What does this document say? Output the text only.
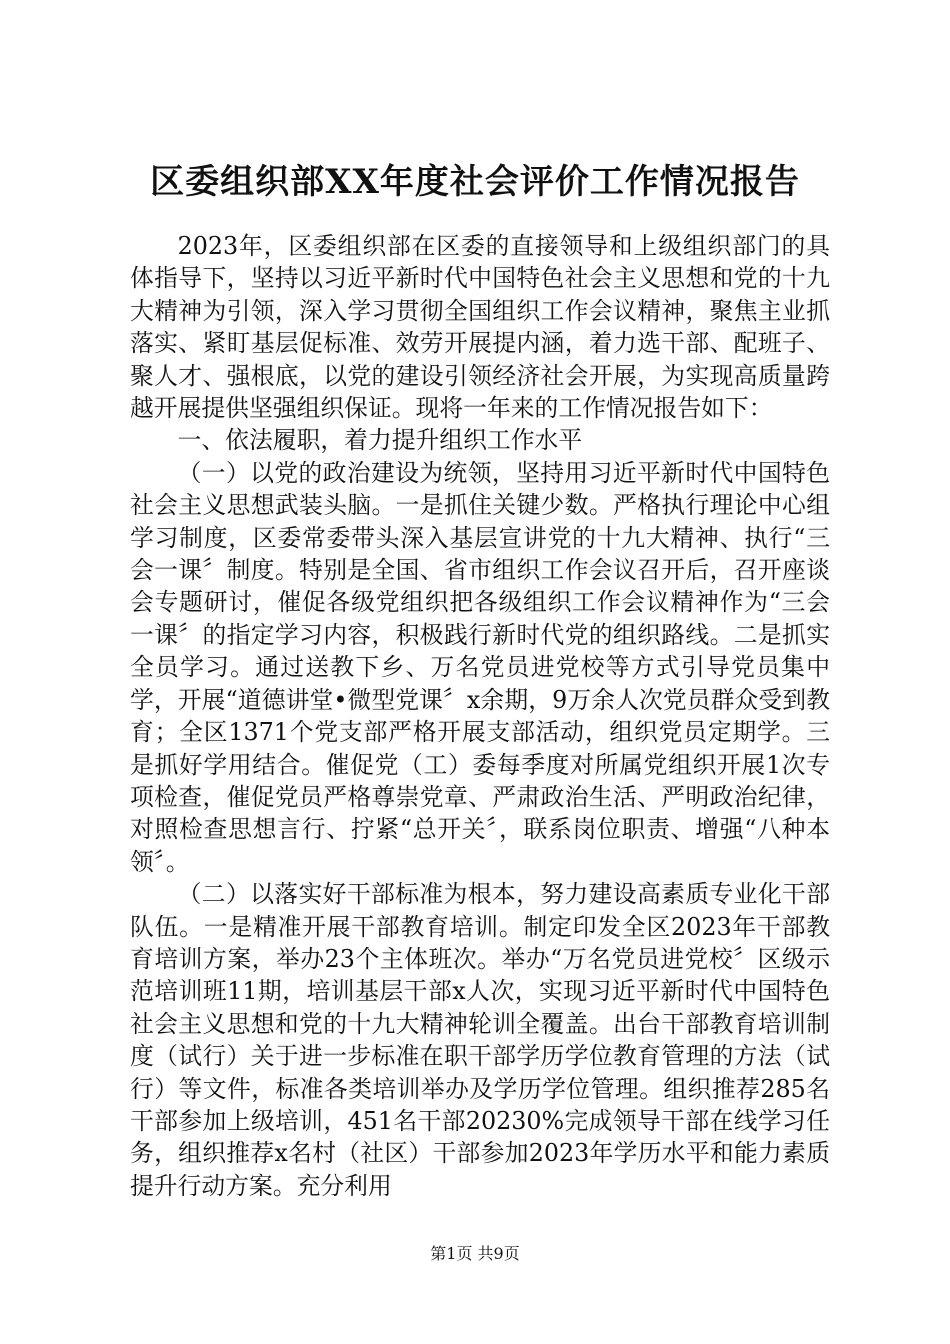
区委组织部XX年度社会评价工作情况报告

2023年，区委组织部在区委的直接领导和上级组织部门的具体指导下，坚持以习近平新时代中国特色社会主义思想和党的十九大精神为引领，深入学习贯彻全国组织工作会议精神，聚焦主业抓落实、紧盯基层促标准、效劳开展提内涵，着力选干部、配班子、聚人才、强根底，以党的建设引领经济社会开展，为实现高质量跨越开展提供坚强组织保证。现将一年来的工作情况报告如下：

一、依法履职，着力提升组织工作水平

（一）以党的政治建设为统领，坚持用习近平新时代中国特色社会主义思想武装头脑。一是抓住关键少数。严格执行理论中心组学习制度，区委常委带头深入基层宣讲党的十九大精神、执行“三会一课〞制度。特别是全国、省市组织工作会议召开后，召开座谈会专题研讨，催促各级党组织把各级组织工作会议精神作为“三会一课〞的指定学习内容，积极践行新时代党的组织路线。二是抓实全员学习。通过送教下乡、万名党员进党校等方式引导党员集中学，开展“道德讲堂•微型党课〞x余期，9万余人次党员群众受到教育；全区1371个党支部严格开展支部活动，组织党员定期学。三是抓好学用结合。催促党（工）委每季度对所属党组织开展1次专项检查，催促党员严格尊崇党章、严肃政治生活、严明政治纪律，对照检查思想言行、拧紧“总开关〞，联系岗位职责、增强“八种本领〞。

（二）以落实好干部标准为根本，努力建设高素质专业化干部队伍。一是精准开展干部教育培训。制定印发全区2023年干部教育培训方案，举办23个主体班次。举办“万名党员进党校〞区级示范培训班11期，培训基层干部x人次，实现习近平新时代中国特色社会主义思想和党的十九大精神轮训全覆盖。出台干部教育培训制度（试行）关于进一步标准在职干部学历学位教育管理的方法（试行）等文件，标准各类培训举办及学历学位管理。组织推荐285名干部参加上级培训，451名干部20230%完成领导干部在线学习任务，组织推荐x名村（社区）干部参加2023年学历水平和能力素质提升行动方案。充分利用

第1页 共9页
